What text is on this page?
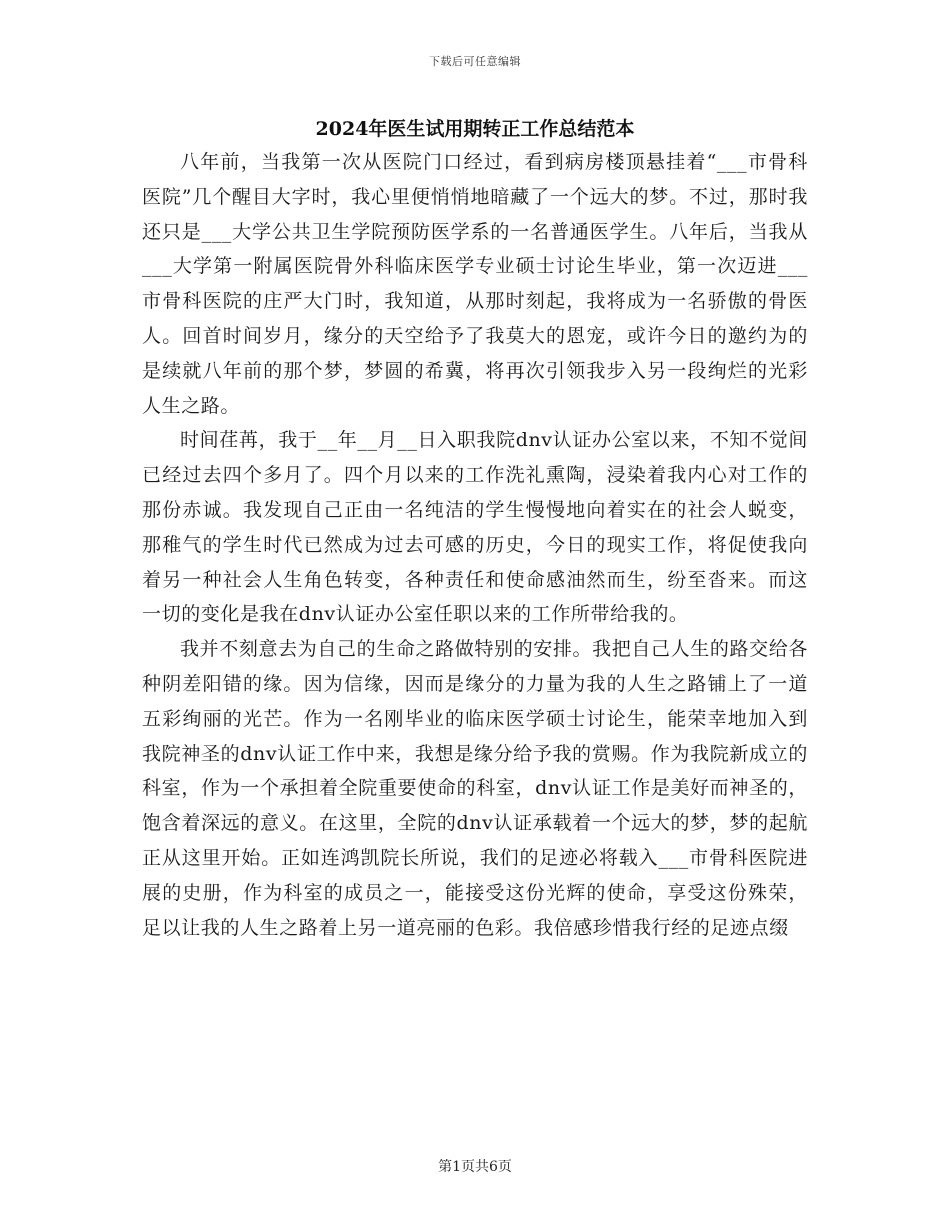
下载后可任意编辑
2024年医生试用期转正工作总结范本

八年前，当我第一次从医院门口经过，看到病房楼顶悬挂着“___市骨科医院”几个醒目大字时，我心里便悄悄地暗藏了一个远大的梦。不过，那时我还只是___大学公共卫生学院预防医学系的一名普通医学生。八年后，当我从___大学第一附属医院骨外科临床医学专业硕士讨论生毕业，第一次迈进___市骨科医院的庄严大门时，我知道，从那时刻起，我将成为一名骄傲的骨医人。回首时间岁月，缘分的天空给予了我莫大的恩宠，或许今日的邀约为的是续就八年前的那个梦，梦圆的希冀，将再次引领我步入另一段绚烂的光彩人生之路。

时间荏苒，我于__年__月__日入职我院dnv认证办公室以来，不知不觉间已经过去四个多月了。四个月以来的工作洗礼熏陶，浸染着我内心对工作的那份赤诚。我发现自己正由一名纯洁的学生慢慢地向着实在的社会人蜕变，那稚气的学生时代已然成为过去可感的历史，今日的现实工作，将促使我向着另一种社会人生角色转变，各种责任和使命感油然而生，纷至沓来。而这一切的变化是我在dnv认证办公室任职以来的工作所带给我的。

我并不刻意去为自己的生命之路做特别的安排。我把自己人生的路交给各种阴差阳错的缘。因为信缘，因而是缘分的力量为我的人生之路铺上了一道五彩绚丽的光芒。作为一名刚毕业的临床医学硕士讨论生，能荣幸地加入到我院神圣的dnv认证工作中来，我想是缘分给予我的赏赐。作为我院新成立的科室，作为一个承担着全院重要使命的科室，dnv认证工作是美好而神圣的，饱含着深远的意义。在这里，全院的dnv认证承载着一个远大的梦，梦的起航正从这里开始。正如连鸿凯院长所说，我们的足迹必将载入___市骨科医院进展的史册，作为科室的成员之一，能接受这份光辉的使命，享受这份殊荣，足以让我的人生之路着上另一道亮丽的色彩。我倍感珍惜我行经的足迹点缀

第1页共6页
